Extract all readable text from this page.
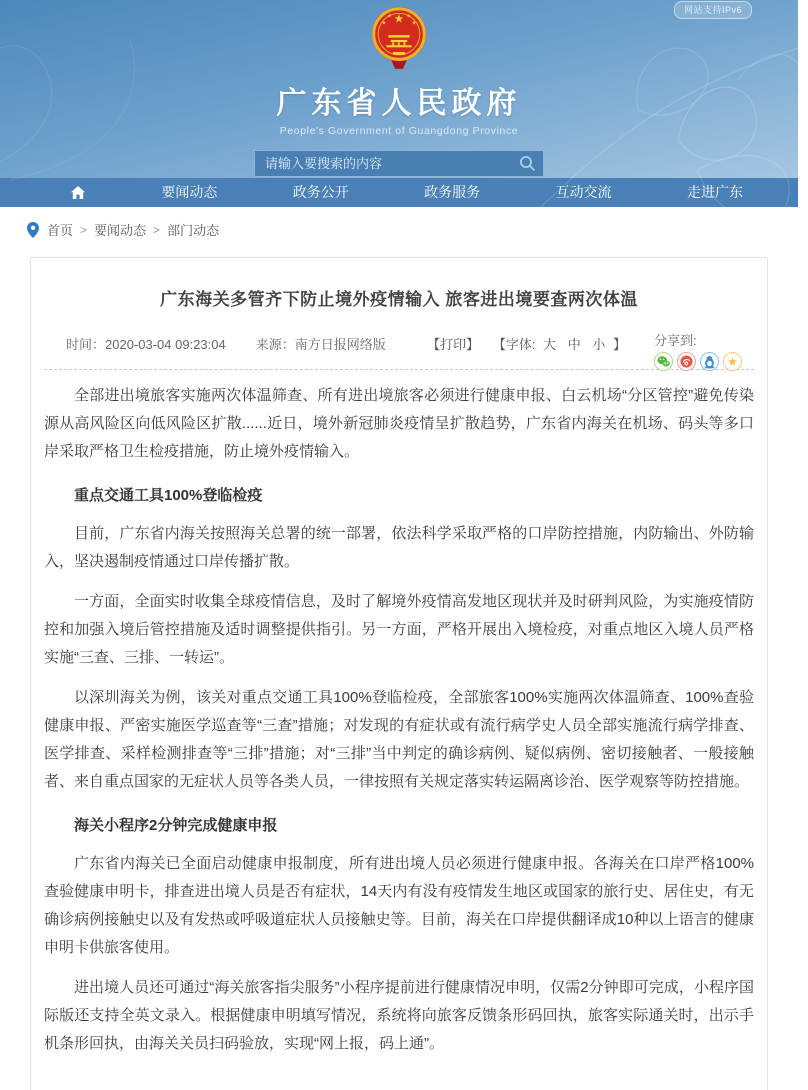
网站支持IPv6
★
★	★
★	★
广东省人民政府
People's Government of Guangdong Province
请输入要搜索的内容
要闻动态	政务公开	政务服务	互动交流	走进广东
首页 > 要闻动态 > 部门动态
广东海关多管齐下防止境外疫情输入 旅客进出境要查两次体温
时间：2020-03-04 09:23:04 来源：南方日报网络版	【打印】 【字体: 大 中 小 】 分享到:
★

全部进出境旅客实施两次体温筛查、所有进出境旅客必须进行健康申报、白云机场“分区管控”避免传染源从高风险区向低风险区扩散......近日，境外新冠肺炎疫情呈扩散趋势，广东省内海关在机场、码头等多口岸采取严格卫生检疫措施，防止境外疫情输入。

重点交通工具100%登临检疫

目前，广东省内海关按照海关总署的统一部署，依法科学采取严格的口岸防控措施，内防输出、外防输入，坚决遏制疫情通过口岸传播扩散。

一方面，全面实时收集全球疫情信息，及时了解境外疫情高发地区现状并及时研判风险，为实施疫情防控和加强入境后管控措施及适时调整提供指引。另一方面，严格开展出入境检疫，对重点地区入境人员严格实施“三查、三排、一转运”。

以深圳海关为例，该关对重点交通工具100%登临检疫，全部旅客100%实施两次体温筛查、100%查验健康申报、严密实施医学巡查等“三查”措施；对发现的有症状或有流行病学史人员全部实施流行病学排查、医学排查、采样检测排查等“三排”措施；对“三排”当中判定的确诊病例、疑似病例、密切接触者、一般接触者、来自重点国家的无症状人员等各类人员，一律按照有关规定落实转运隔离诊治、医学观察等防控措施。

海关小程序2分钟完成健康申报

广东省内海关已全面启动健康申报制度，所有进出境人员必须进行健康申报。各海关在口岸严格100%查验健康申明卡，排查进出境人员是否有症状，14天内有没有疫情发生地区或国家的旅行史、居住史，有无确诊病例接触史以及有发热或呼吸道症状人员接触史等。目前，海关在口岸提供翻译成10种以上语言的健康申明卡供旅客使用。

进出境人员还可通过“海关旅客指尖服务”小程序提前进行健康情况申明，仅需2分钟即可完成，小程序国际版还支持全英文录入。根据健康申明填写情况，系统将向旅客反馈条形码回执，旅客实际通关时，出示手机条形回执，由海关关员扫码验放，实现“网上报，码上通”。
